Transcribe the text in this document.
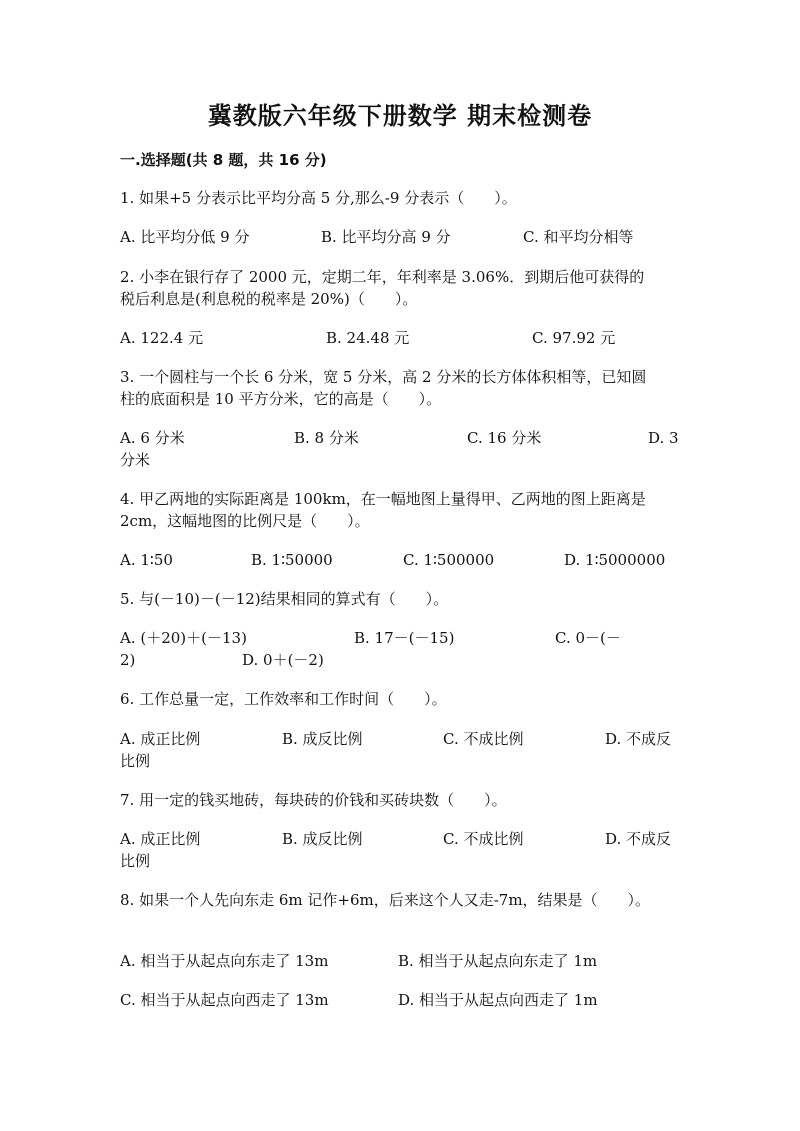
冀教版六年级下册数学 期末检测卷
一.选择题(共 8 题，共 16 分)
1. 如果+5 分表示比平均分高 5 分,那么-9 分表示（　　）。
A. 比平均分低 9 分	B. 比平均分高 9 分	C. 和平均分相等
2. 小李在银行存了 2000 元，定期二年，年利率是 3.06%．到期后他可获得的
税后利息是(利息税的税率是 20%)（　　）。
A. 122.4 元	B. 24.48 元	C. 97.92 元
3. 一个圆柱与一个长 6 分米，宽 5 分米，高 2 分米的长方体体积相等，已知圆
柱的底面积是 10 平方分米，它的高是（　　）。
A. 6 分米	B. 8 分米	C. 16 分米	D. 3
分米
4. 甲乙两地的实际距离是 100km，在一幅地图上量得甲、乙两地的图上距离是
2cm，这幅地图的比例尺是（　　）。
A. 1∶50	B. 1∶50000	C. 1∶500000	D. 1∶5000000
5. 与(－10)－(－12)结果相同的算式有（　　）。
A. (＋20)＋(－13)	B. 17－(－15)	C. 0－(－
2)	D. 0＋(－2)
6. 工作总量一定，工作效率和工作时间（　　）。
A. 成正比例	B. 成反比例	C. 不成比例	D. 不成反
比例
7. 用一定的钱买地砖，每块砖的价钱和买砖块数（　　）。
A. 成正比例	B. 成反比例	C. 不成比例	D. 不成反
比例
8. 如果一个人先向东走 6m 记作+6m，后来这个人又走-7m，结果是（　　）。
A. 相当于从起点向东走了 13m	B. 相当于从起点向东走了 1m
C. 相当于从起点向西走了 13m	D. 相当于从起点向西走了 1m
